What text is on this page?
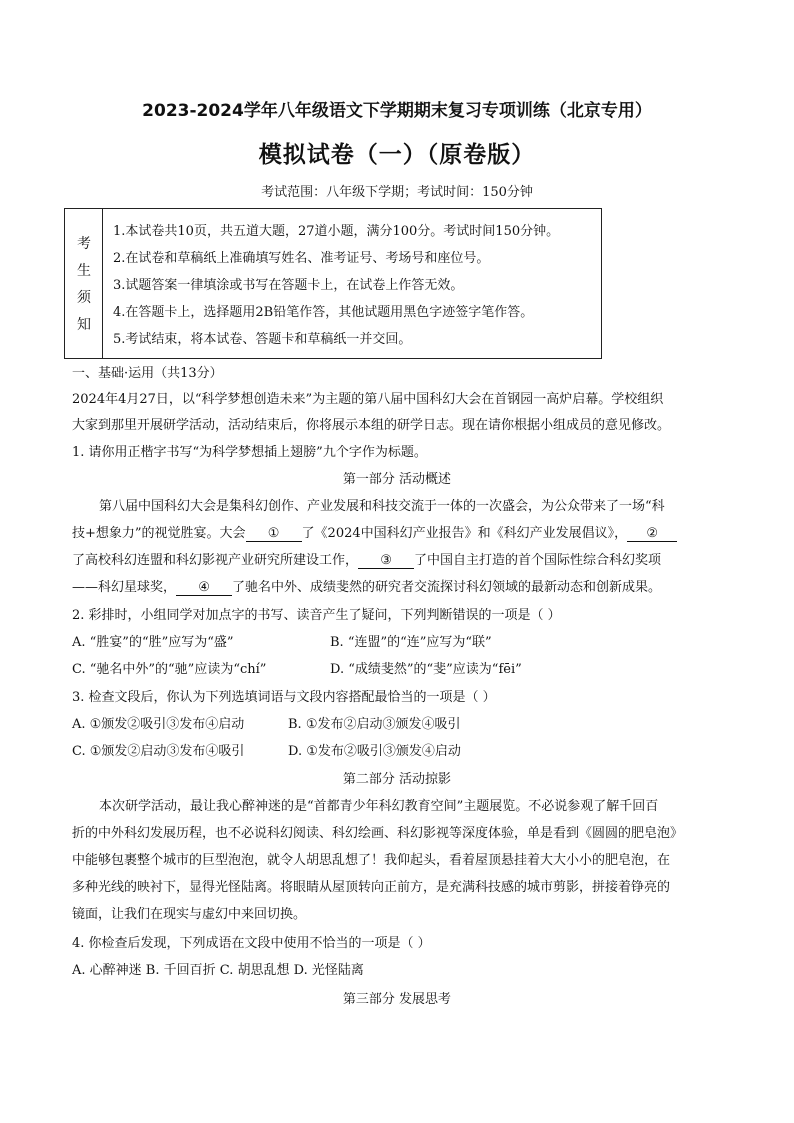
2023-2024学年八年级语文下学期期末复习专项训练（北京专用）
模拟试卷（一）（原卷版）
考试范围：八年级下学期；考试时间：150分钟
考
生
须
知
1.本试卷共10页，共五道大题，27道小题，满分100分。考试时间150分钟。
2.在试卷和草稿纸上准确填写姓名、准考证号、考场号和座位号。
3.试题答案一律填涂或书写在答题卡上，在试卷上作答无效。
4.在答题卡上，选择题用2B铅笔作答，其他试题用黑色字迹签字笔作答。
5.考试结束，将本试卷、答题卡和草稿纸一并交回。
一、基础·运用（共13分）
2024年4月27日，以“科学梦想创造未来”为主题的第八届中国科幻大会在首钢园一高炉启幕。学校组织
大家到那里开展研学活动，活动结束后，你将展示本组的研学日志。现在请你根据小组成员的意见修改。
1. 请你用正楷字书写“为科学梦想插上翅膀”九个字作为标题。
第一部分 活动概述
第八届中国科幻大会是集科幻创作、产业发展和科技交流于一体的一次盛会，为公众带来了一场“科
技+想象力”的视觉胜宴。大会 ① 了《2024中国科幻产业报告》和《科幻产业发展倡议》， ②
了高校科幻连盟和科幻影视产业研究所建设工作， ③ 了中国自主打造的首个国际性综合科幻奖项
——科幻星球奖， ④ 了驰名中外、成绩斐然的研究者交流探讨科幻领域的最新动态和创新成果。
2. 彩排时，小组同学对加点字的书写、读音产生了疑问，下列判断错误的一项是（ ）
A. “胜宴”的“胜”应写为“盛”	B. “连盟”的“连”应写为“联”
C. “驰名中外”的“驰”应读为“chí”	D. “成绩斐然”的“斐”应读为“fēi”
3. 检查文段后，你认为下列选填词语与文段内容搭配最恰当的一项是（ ）
A. ①颁发②吸引③发布④启动	B. ①发布②启动③颁发④吸引
C. ①颁发②启动③发布④吸引	D. ①发布②吸引③颁发④启动
第二部分 活动掠影
本次研学活动，最让我心醉神迷的是“首都青少年科幻教育空间”主题展览。不必说参观了解千回百
折的中外科幻发展历程，也不必说科幻阅读、科幻绘画、科幻影视等深度体验，单是看到《圆圆的肥皂泡》
中能够包裹整个城市的巨型泡泡，就令人胡思乱想了！我仰起头，看着屋顶悬挂着大大小小的肥皂泡，在
多种光线的映衬下，显得光怪陆离。将眼睛从屋顶转向正前方，是充满科技感的城市剪影，拼接着铮亮的
镜面，让我们在现实与虚幻中来回切换。
4. 你检查后发现，下列成语在文段中使用不恰当的一项是（ ）
A. 心醉神迷 B. 千回百折 C. 胡思乱想 D. 光怪陆离
第三部分 发展思考
